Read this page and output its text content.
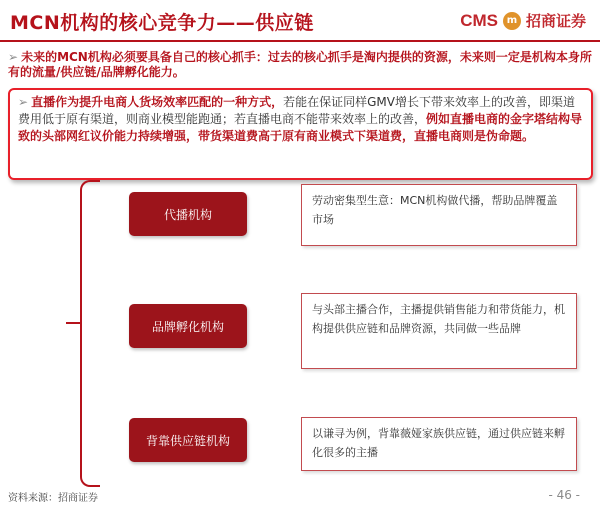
MCN机构的核心竞争力——供应链	CMS m 招商证券
➢ 未来的MCN机构必须要具备自己的核心抓手：过去的核心抓手是淘内提供的资源，未来则一定是机构本身所有的流量/供应链/品牌孵化能力。
➢ 直播作为提升电商人货场效率匹配的一种方式，若能在保证同样GMV增长下带来效率上的改善，即渠道费用低于原有渠道，则商业模型能跑通；若直播电商不能带来效率上的改善，例如直播电商的金字塔结构导致的头部网红议价能力持续增强，带货渠道费高于原有商业模式下渠道费，直播电商则是伪命题。
代播机构
劳动密集型生意：MCN机构做代播，帮助品牌覆盖市场
品牌孵化机构
与头部主播合作，主播提供销售能力和带货能力，机构提供供应链和品牌资源，共同做一些品牌
背靠供应链机构	以谦寻为例，背靠薇娅家族供应链，通过供应链来孵化很多的主播
资料来源：招商证券	- 46 -
